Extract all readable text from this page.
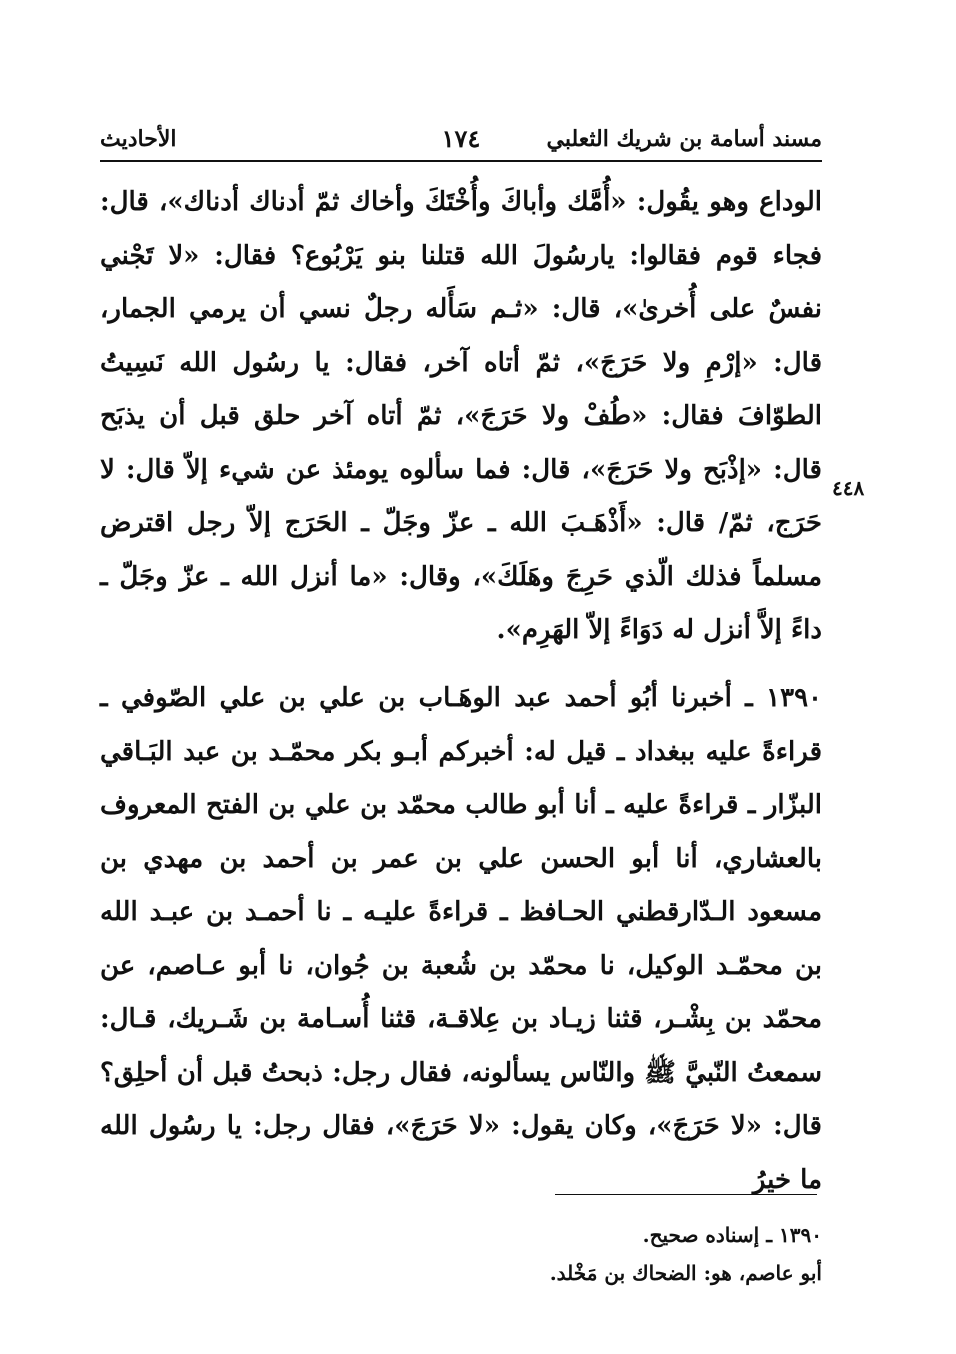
مسند أسامة بن شريك الثعلبي
١٧٤
الأحاديث

الوداع وهو يقُول: «أُمَّك وأباكَ وأُخْتَكَ وأخاك ثمّ أدناك أدناك»، قال: فجاء قوم فقالوا: يارسُولَ الله قتلنا بنو يَرْبُوع؟ فقال: «لا تَجْني نفسٌ على أُخرىٰ»، قال: «ثـم سَأَله رجلٌ نسي أن يرمي الجمار، قال: «إرْمِ ولا حَرَجَ»، ثمّ أتاه آخر، فقال: يا رسُول الله نَسِيتُ الطوّافَ فقال: «طُفْ ولا حَرَجَ»، ثمّ أتاه آخر حلق قبل أن يذبَح قال: «إذْبَح ولا حَرَجَ»، قال: فما سألوه يومئذ عن شيء إلاّ قال: لا حَرَج، ثمّ/ قال: «أَذْهَـبَ الله ـ عزّ وجَلّ ـ الحَرَج إلاّ رجل اقترض مسلماً فذلك الّذي حَرِجَ وهَلَكَ»، وقال: «ما أنزل الله ـ عزّ وجَلّ ـ داءً إلاَّ أنزل له دَوَاءً إلاّ الهَرِم».

٤٤٨

١٣٩٠ ـ أخبرنا أبُو أحمد عبد الوهَـاب بن علي بن علي الصّوفي ـ قراءةً عليه ببغداد ـ قيل له: أخبركم أبـو بكر محمّـد بن عبد البَـاقي البزّار ـ قراءةً عليه ـ أنا أبو طالب محمّد بن علي بن الفتح المعروف بالعشاري، أنا أبو الحسن علي بن عمر بن أحمد بن مهدي بن مسعود الـدّارقطني الحـافظ ـ قراءةً عليـه ـ نا أحمـد بن عبـد الله بن محمّـد الوكيل، نا محمّد بن شُعبة بن جُوان، نا أبو عـاصم، عن محمّد بن بِشْـر، قثنا زيـاد بن عِلاقـة، قثنا أُسـامة بن شَـريك، قـال: سمعتُ النّبيَّ ﷺ والنّاس يسألونه، فقال رجل: ذبحتُ قبل أن أحلِق؟ قال: «لا حَرَجَ»، وكان يقول: «لا حَرَجَ»، فقال رجل: يا رسُول الله ما خيرُ

١٣٩٠ ـ إسناده صحيح.
أبو عاصم، هو: الضحاك بن مَخْلد.
